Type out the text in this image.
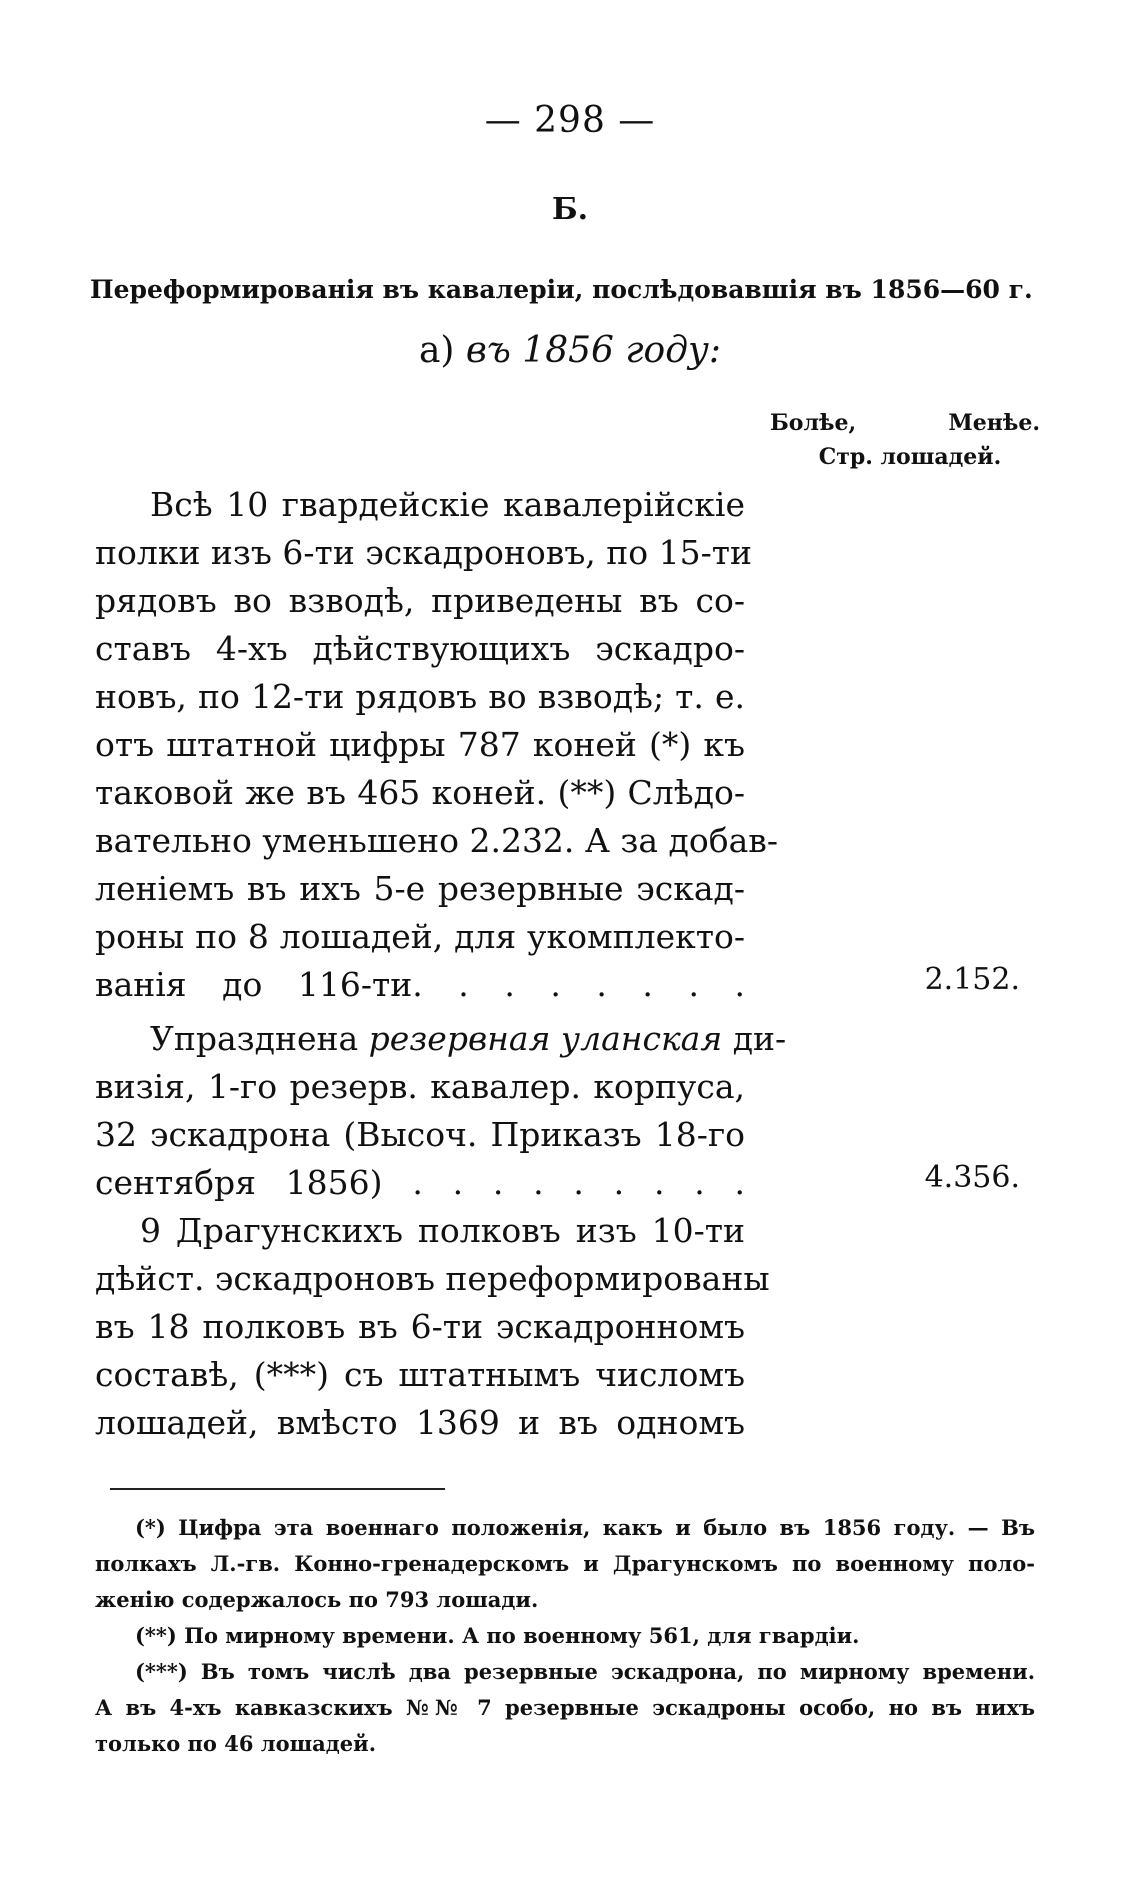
— 298 —
Б.
Переформированія въ кавалеріи, послѣдовавшія въ 1856—60 г.
а) въ 1856 году:
Болѣе,	Менѣе.
Стр. лошадей.
Всѣ 10 гвардейскіе кавалерійскіе
полки изъ 6-ти эскадроновъ, по 15-ти
рядовъ во взводѣ, приведены въ со-
ставъ 4-хъ дѣйствующихъ эскадро-
новъ, по 12-ти рядовъ во взводѣ; т. е.
отъ штатной цифры 787 коней (*) къ
таковой же въ 465 коней. (**) Слѣдо-
вательно уменьшено 2.232. А за добав-
леніемъ въ ихъ 5-е резервные эскад-
роны по 8 лошадей, для укомплекто-
ванія до 116-ти. . . . . . . .	2.152.
Упразднена резервная уланская ди-
визія, 1-го резерв. кавалер. корпуса,
32 эскадрона (Высоч. Приказъ 18-го
сентября 1856) . . . . . . . . .	4.356.
9 Драгунскихъ полковъ изъ 10-ти
дѣйст. эскадроновъ переформированы
въ 18 полковъ въ 6-ти эскадронномъ
составѣ, (***) съ штатнымъ числомъ
лошадей, вмѣсто 1369 и въ одномъ
(*) Цифра эта военнаго положенія, какъ и было въ 1856 году. — Въ
полкахъ Л.-гв. Конно-гренадерскомъ и Драгунскомъ по военному поло-
женію содержалось по 793 лошади.
(**) По мирному времени. А по военному 561, для гвардіи.
(***) Въ томъ числѣ два резервные эскадрона, по мирному времени.
А въ 4-хъ кавказскихъ №№ 7 резервные эскадроны особо, но въ нихъ
только по 46 лошадей.
